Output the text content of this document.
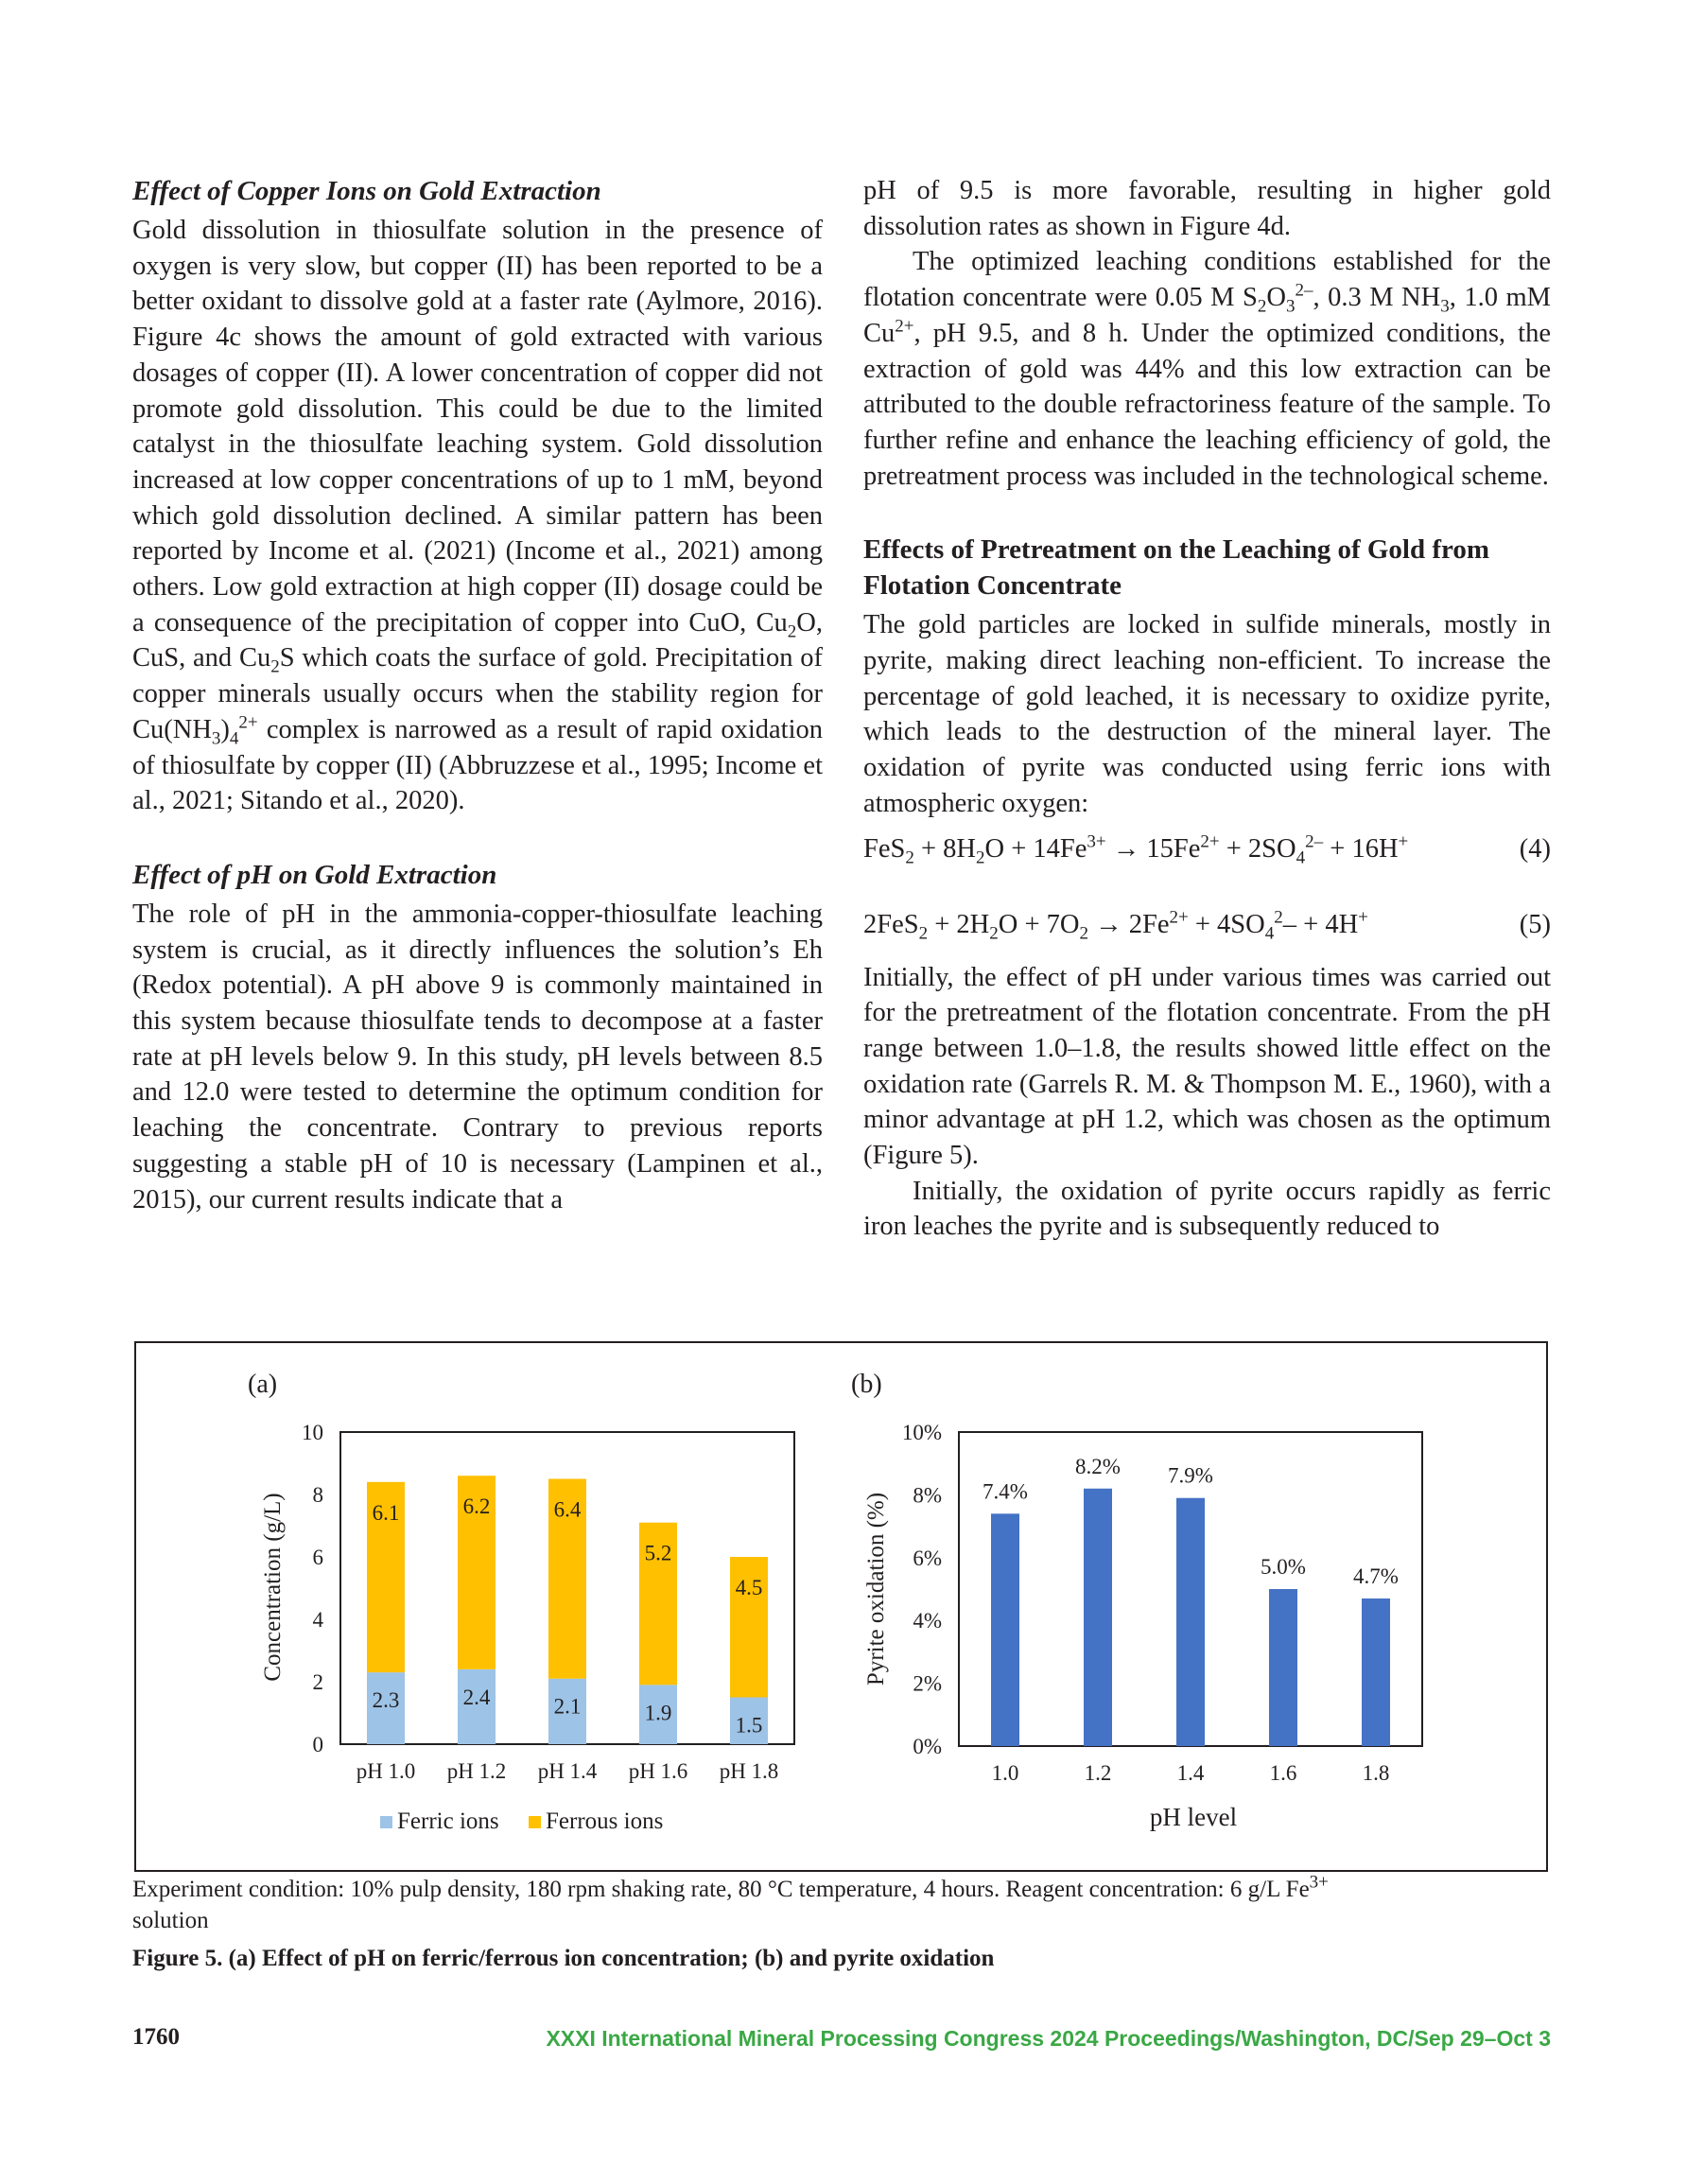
Effect of Copper Ions on Gold Extraction

Gold dissolution in thiosulfate solution in the presence of oxygen is very slow, but copper (II) has been reported to be a better oxidant to dissolve gold at a faster rate (Aylmore, 2016). Figure 4c shows the amount of gold extracted with various dosages of copper (II). A lower concentration of copper did not promote gold dissolution. This could be due to the limited catalyst in the thiosulfate leaching system. Gold dissolution increased at low copper concentrations of up to 1 mM, beyond which gold dissolution declined. A similar pattern has been reported by Income et al. (2021) (Income et al., 2021) among others. Low gold extraction at high copper (II) dosage could be a consequence of the precipitation of copper into CuO, $Cu_2O$, CuS, and $Cu_2S$ which coats the surface of gold. Precipitation of copper minerals usually occurs when the stability region for $Cu(NH_3)_4^{2+}$ complex is narrowed as a result of rapid oxidation of thiosulfate by copper (II) (Abbruzzese et al., 1995; Income et al., 2021; Sitando et al., 2020).

Effect of pH on Gold Extraction

The role of pH in the ammonia-copper-thiosulfate leaching system is crucial, as it directly influences the solution’s Eh (Redox potential). A pH above 9 is commonly maintained in this system because thiosulfate tends to decompose at a faster rate at pH levels below 9. In this study, pH levels between 8.5 and 12.0 were tested to determine the optimum condition for leaching the concentrate. Contrary to previous reports suggesting a stable pH of 10 is necessary (Lampinen et al., 2015), our current results indicate that a

pH of 9.5 is more favorable, resulting in higher gold dissolution rates as shown in Figure 4d.

The optimized leaching conditions established for the flotation concentrate were 0.05 M $S_2O_3^{2-}$, 0.3 M $NH_3$, 1.0 mM $Cu^{2+}$, pH 9.5, and 8 h. Under the optimized conditions, the extraction of gold was 44% and this low extraction can be attributed to the double refractoriness feature of the sample. To further refine and enhance the leaching efficiency of gold, the pretreatment process was included in the technological scheme.

Effects of Pretreatment on the Leaching of Gold from Flotation Concentrate

The gold particles are locked in sulfide minerals, mostly in pyrite, making direct leaching non-efficient. To increase the percentage of gold leached, it is necessary to oxidize pyrite, which leads to the destruction of the mineral layer. The oxidation of pyrite was conducted using ferric ions with atmospheric oxygen:

$FeS_2 + 8H_2O + 14Fe^{3+} \to 15Fe^{2+} + 2SO_4^{2-} + 16H^+$	(4)
$2FeS_2 + 2H_2O + 7O_2 \to 2Fe^{2+} + 4SO_4^2- + 4H^+$	(5)

Initially, the effect of pH under various times was carried out for the pretreatment of the flotation concentrate. From the pH range between 1.0–1.8, the results showed little effect on the oxidation rate (Garrels R. M. & Thompson M. E., 1960), with a minor advantage at pH 1.2, which was chosen as the optimum (Figure 5).

Initially, the oxidation of pyrite occurs rapidly as ferric iron leaches the pyrite and is subsequently reduced to

(a)
Concentration (g/L)
0
2
4
6
8
10
2.3
6.1
pH 1.0
2.4
6.2
pH 1.2
2.1
6.4
pH 1.4
1.9
5.2
pH 1.6
1.5
4.5
pH 1.8
Ferric ions Ferrous ions
(b)
Pyrite oxidation (%)
pH level
0%
2%
4%
6%
8%
10%
7.4%
1.0
8.2%
1.2
7.9%
1.4
5.0%
1.6
4.7%
1.8
Experiment condition: 10% pulp density, 180 rpm shaking rate, 80 °C temperature, 4 hours. Reagent concentration: 6 g/L $Fe^{3+}$
solution
Figure 5. (a) Effect of pH on ferric/ferrous ion concentration; (b) and pyrite oxidation
1760	XXXI International Mineral Processing Congress 2024 Proceedings/Washington, DC/Sep 29–Oct 3
